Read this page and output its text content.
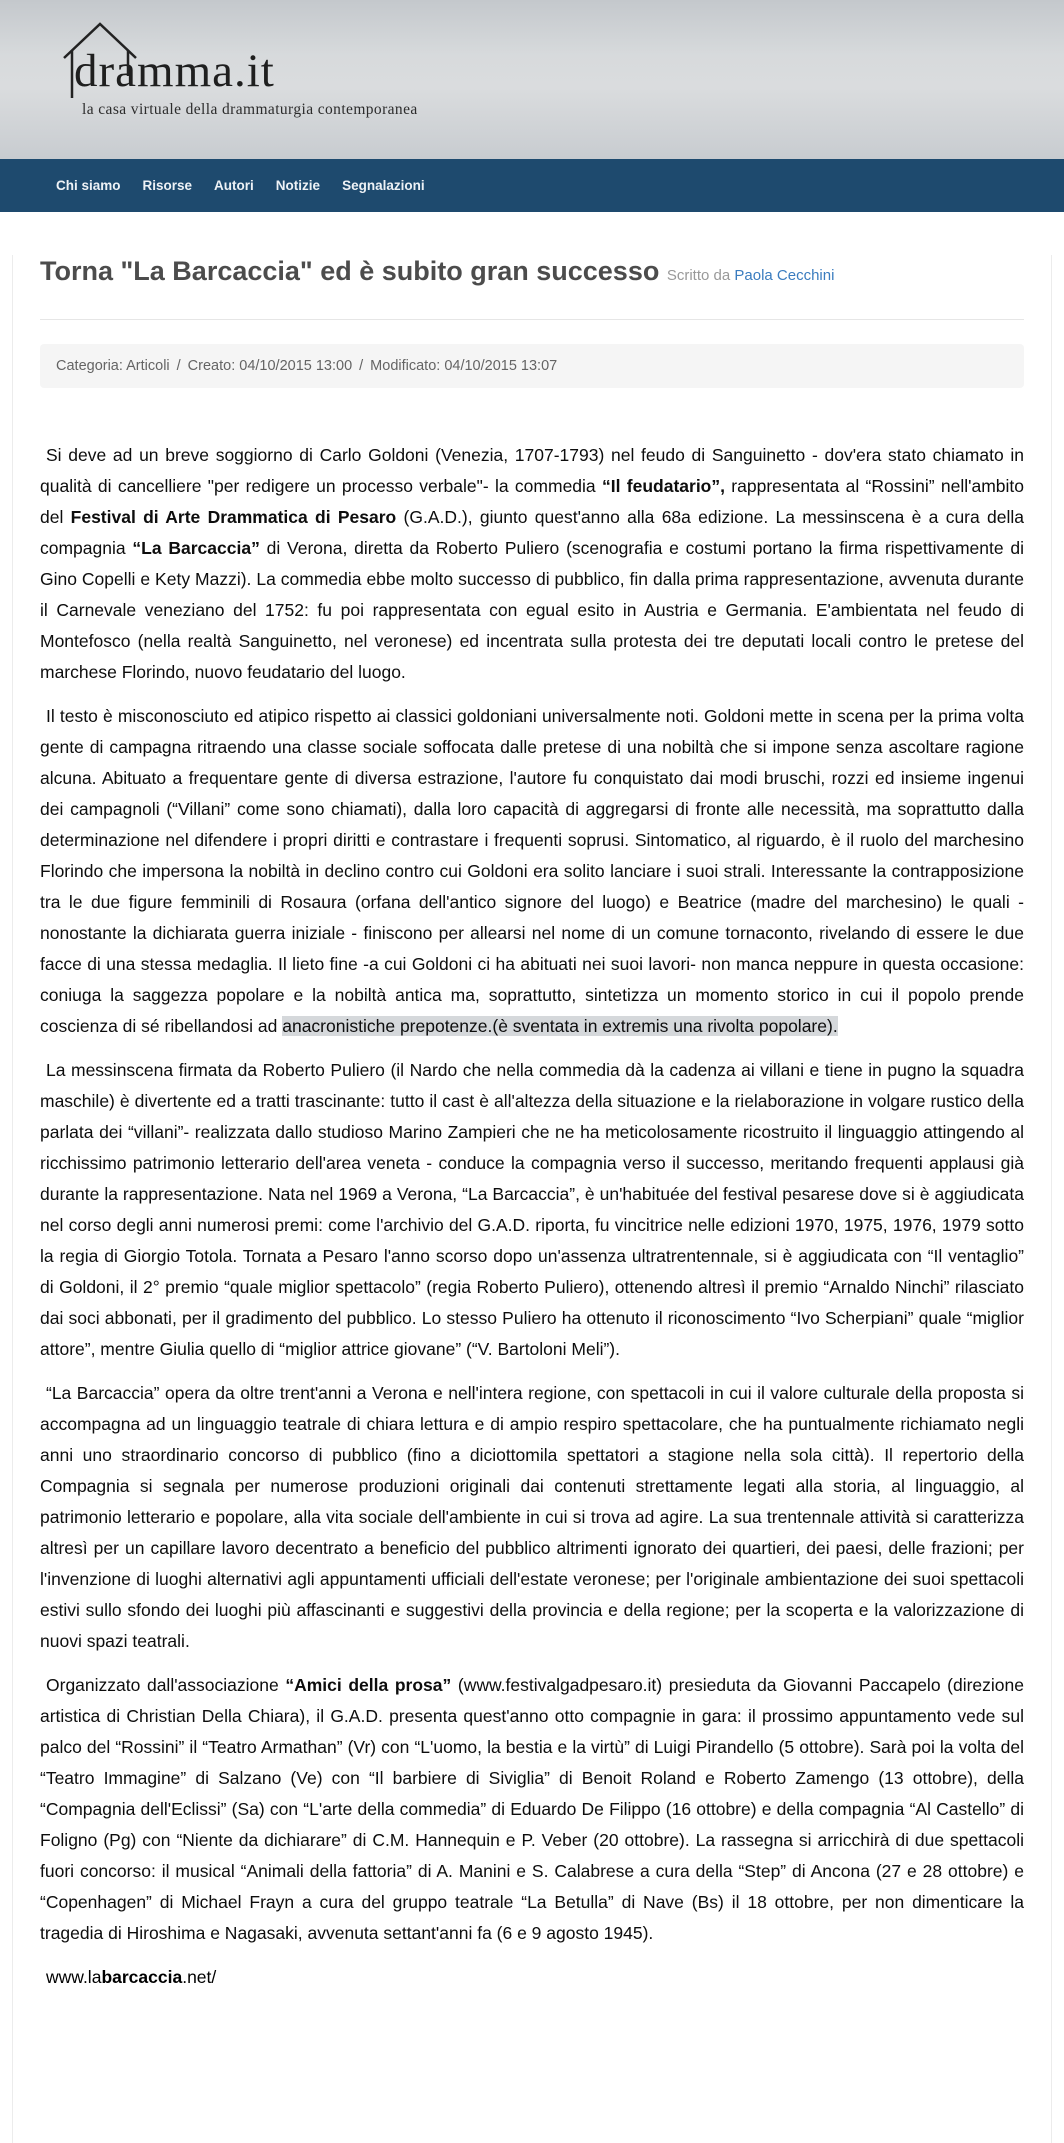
dramma.it
la casa virtuale della drammaturgia contemporanea
Chi siamo	Risorse	Autori	Notizie	Segnalazioni
Torna "La Barcaccia" ed è subito gran successo Scritto da Paola Cecchini
Categoria: Articoli / Creato: 04/10/2015 13:00 / Modificato: 04/10/2015 13:07

Si deve ad un breve soggiorno di Carlo Goldoni (Venezia, 1707-1793) nel feudo di Sanguinetto - dov'era stato chiamato in qualità di cancelliere "per redigere un processo verbale"- la commedia “Il feudatario”, rappresentata al “Rossini” nell'ambito del Festival di Arte Drammatica di Pesaro (G.A.D.), giunto quest'anno alla 68a edizione. La messinscena è a cura della compagnia “La Barcaccia” di Verona, diretta da Roberto Puliero (scenografia e costumi portano la firma rispettivamente di Gino Copelli e Kety Mazzi). La commedia ebbe molto successo di pubblico, fin dalla prima rappresentazione, avvenuta durante il Carnevale veneziano del 1752: fu poi rappresentata con egual esito in Austria e Germania. E'ambientata nel feudo di Montefosco (nella realtà Sanguinetto, nel veronese) ed incentrata sulla protesta dei tre deputati locali contro le pretese del marchese Florindo, nuovo feudatario del luogo.

Il testo è misconosciuto ed atipico rispetto ai classici goldoniani universalmente noti. Goldoni mette in scena per la prima volta gente di campagna ritraendo una classe sociale soffocata dalle pretese di una nobiltà che si impone senza ascoltare ragione alcuna. Abituato a frequentare gente di diversa estrazione, l'autore fu conquistato dai modi bruschi, rozzi ed insieme ingenui dei campagnoli (“Villani” come sono chiamati), dalla loro capacità di aggregarsi di fronte alle necessità, ma soprattutto dalla determinazione nel difendere i propri diritti e contrastare i frequenti soprusi. Sintomatico, al riguardo, è il ruolo del marchesino Florindo che impersona la nobiltà in declino contro cui Goldoni era solito lanciare i suoi strali. Interessante la contrapposizione tra le due figure femminili di Rosaura (orfana dell'antico signore del luogo) e Beatrice (madre del marchesino) le quali - nonostante la dichiarata guerra iniziale - finiscono per allearsi nel nome di un comune tornaconto, rivelando di essere le due facce di una stessa medaglia. Il lieto fine -a cui Goldoni ci ha abituati nei suoi lavori- non manca neppure in questa occasione: coniuga la saggezza popolare e la nobiltà antica ma, soprattutto, sintetizza un momento storico in cui il popolo prende coscienza di sé ribellandosi ad anacronistiche prepotenze.(è sventata in extremis una rivolta popolare).

La messinscena firmata da Roberto Puliero (il Nardo che nella commedia dà la cadenza ai villani e tiene in pugno la squadra maschile) è divertente ed a tratti trascinante: tutto il cast è all'altezza della situazione e la rielaborazione in volgare rustico della parlata dei “villani”- realizzata dallo studioso Marino Zampieri che ne ha meticolosamente ricostruito il linguaggio attingendo al ricchissimo patrimonio letterario dell'area veneta - conduce la compagnia verso il successo, meritando frequenti applausi già durante la rappresentazione. Nata nel 1969 a Verona, “La Barcaccia”, è un'habituée del festival pesarese dove si è aggiudicata nel corso degli anni numerosi premi: come l'archivio del G.A.D. riporta, fu vincitrice nelle edizioni 1970, 1975, 1976, 1979 sotto la regia di Giorgio Totola. Tornata a Pesaro l'anno scorso dopo un'assenza ultratrentennale, si è aggiudicata con “Il ventaglio” di Goldoni, il 2° premio “quale miglior spettacolo” (regia Roberto Puliero), ottenendo altresì il premio “Arnaldo Ninchi” rilasciato dai soci abbonati, per il gradimento del pubblico. Lo stesso Puliero ha ottenuto il riconoscimento “Ivo Scherpiani” quale “miglior attore”, mentre Giulia quello di “miglior attrice giovane” (“V. Bartoloni Meli”).

“La Barcaccia” opera da oltre trent'anni a Verona e nell'intera regione, con spettacoli in cui il valore culturale della proposta si accompagna ad un linguaggio teatrale di chiara lettura e di ampio respiro spettacolare, che ha puntualmente richiamato negli anni uno straordinario concorso di pubblico (fino a diciottomila spettatori a stagione nella sola città). Il repertorio della Compagnia si segnala per numerose produzioni originali dai contenuti strettamente legati alla storia, al linguaggio, al patrimonio letterario e popolare, alla vita sociale dell'ambiente in cui si trova ad agire. La sua trentennale attività si caratterizza altresì per un capillare lavoro decentrato a beneficio del pubblico altrimenti ignorato dei quartieri, dei paesi, delle frazioni; per l'invenzione di luoghi alternativi agli appuntamenti ufficiali dell'estate veronese; per l'originale ambientazione dei suoi spettacoli estivi sullo sfondo dei luoghi più affascinanti e suggestivi della provincia e della regione; per la scoperta e la valorizzazione di nuovi spazi teatrali.

Organizzato dall'associazione “Amici della prosa” (www.festivalgadpesaro.it) presieduta da Giovanni Paccapelo (direzione artistica di Christian Della Chiara), il G.A.D. presenta quest'anno otto compagnie in gara: il prossimo appuntamento vede sul palco del “Rossini” il “Teatro Armathan” (Vr) con “L'uomo, la bestia e la virtù” di Luigi Pirandello (5 ottobre). Sarà poi la volta del “Teatro Immagine” di Salzano (Ve) con “Il barbiere di Siviglia” di Benoit Roland e Roberto Zamengo (13 ottobre), della “Compagnia dell'Eclissi” (Sa) con “L'arte della commedia” di Eduardo De Filippo (16 ottobre) e della compagnia “Al Castello” di Foligno (Pg) con “Niente da dichiarare” di C.M. Hannequin e P. Veber (20 ottobre). La rassegna si arricchirà di due spettacoli fuori concorso: il musical “Animali della fattoria” di A. Manini e S. Calabrese a cura della “Step” di Ancona (27 e 28 ottobre) e “Copenhagen” di Michael Frayn a cura del gruppo teatrale “La Betulla” di Nave (Bs) il 18 ottobre, per non dimenticare la tragedia di Hiroshima e Nagasaki, avvenuta settant'anni fa (6 e 9 agosto 1945).

www.labarcaccia.net/
